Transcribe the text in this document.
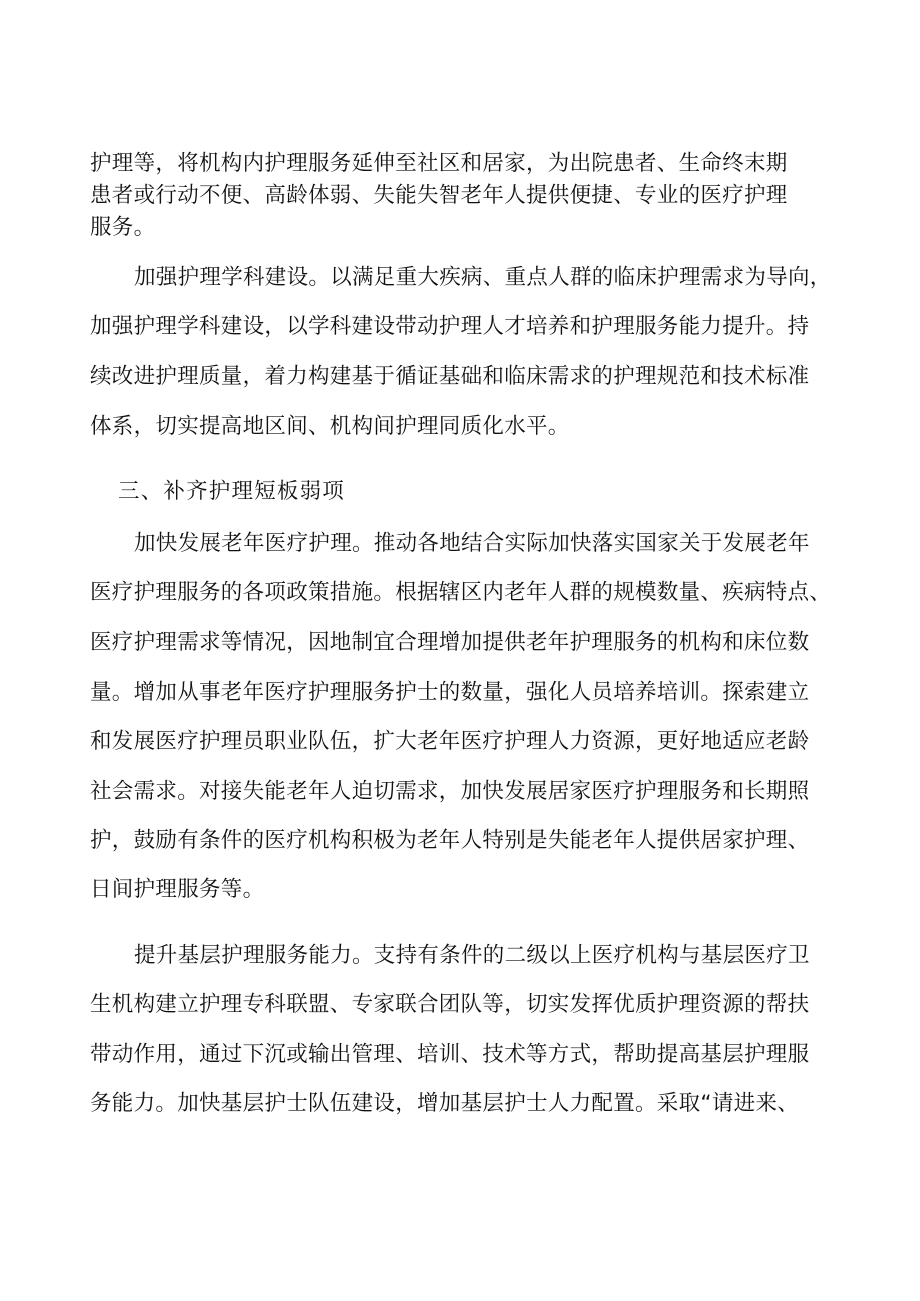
护理等，将机构内护理服务延伸至社区和居家，为出院患者、生命终末期
患者或行动不便、高龄体弱、失能失智老年人提供便捷、专业的医疗护理
服务。
加强护理学科建设。以满足重大疾病、重点人群的临床护理需求为导向，
加强护理学科建设，以学科建设带动护理人才培养和护理服务能力提升。持
续改进护理质量，着力构建基于循证基础和临床需求的护理规范和技术标准
体系，切实提高地区间、机构间护理同质化水平。
三、补齐护理短板弱项
加快发展老年医疗护理。推动各地结合实际加快落实国家关于发展老年
医疗护理服务的各项政策措施。根据辖区内老年人群的规模数量、疾病特点、
医疗护理需求等情况，因地制宜合理增加提供老年护理服务的机构和床位数
量。增加从事老年医疗护理服务护士的数量，强化人员培养培训。探索建立
和发展医疗护理员职业队伍，扩大老年医疗护理人力资源，更好地适应老龄
社会需求。对接失能老年人迫切需求，加快发展居家医疗护理服务和长期照
护，鼓励有条件的医疗机构积极为老年人特别是失能老年人提供居家护理、
日间护理服务等。
提升基层护理服务能力。支持有条件的二级以上医疗机构与基层医疗卫
生机构建立护理专科联盟、专家联合团队等，切实发挥优质护理资源的帮扶
带动作用，通过下沉或输出管理、培训、技术等方式，帮助提高基层护理服
务能力。加快基层护士队伍建设，增加基层护士人力配置。采取“请进来、
